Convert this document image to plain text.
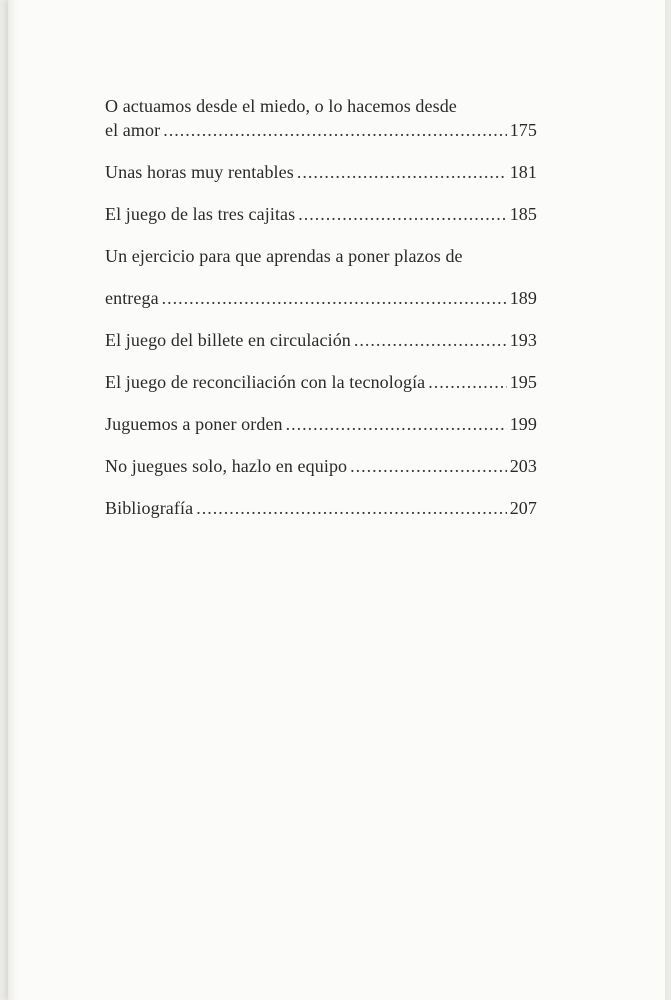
O actuamos desde el miedo, o lo hacemos desde
el amor .....	175
Unas horas muy rentables .....	181
El juego de las tres cajitas .....	185
Un ejercicio para que aprendas a poner plazos de
entrega .....	189
El juego del billete en circulación .....	193
El juego de reconciliación con la tecnología .....	195
Juguemos a poner orden .....	199
No juegues solo, hazlo en equipo .....	203
Bibliografía .....	207
